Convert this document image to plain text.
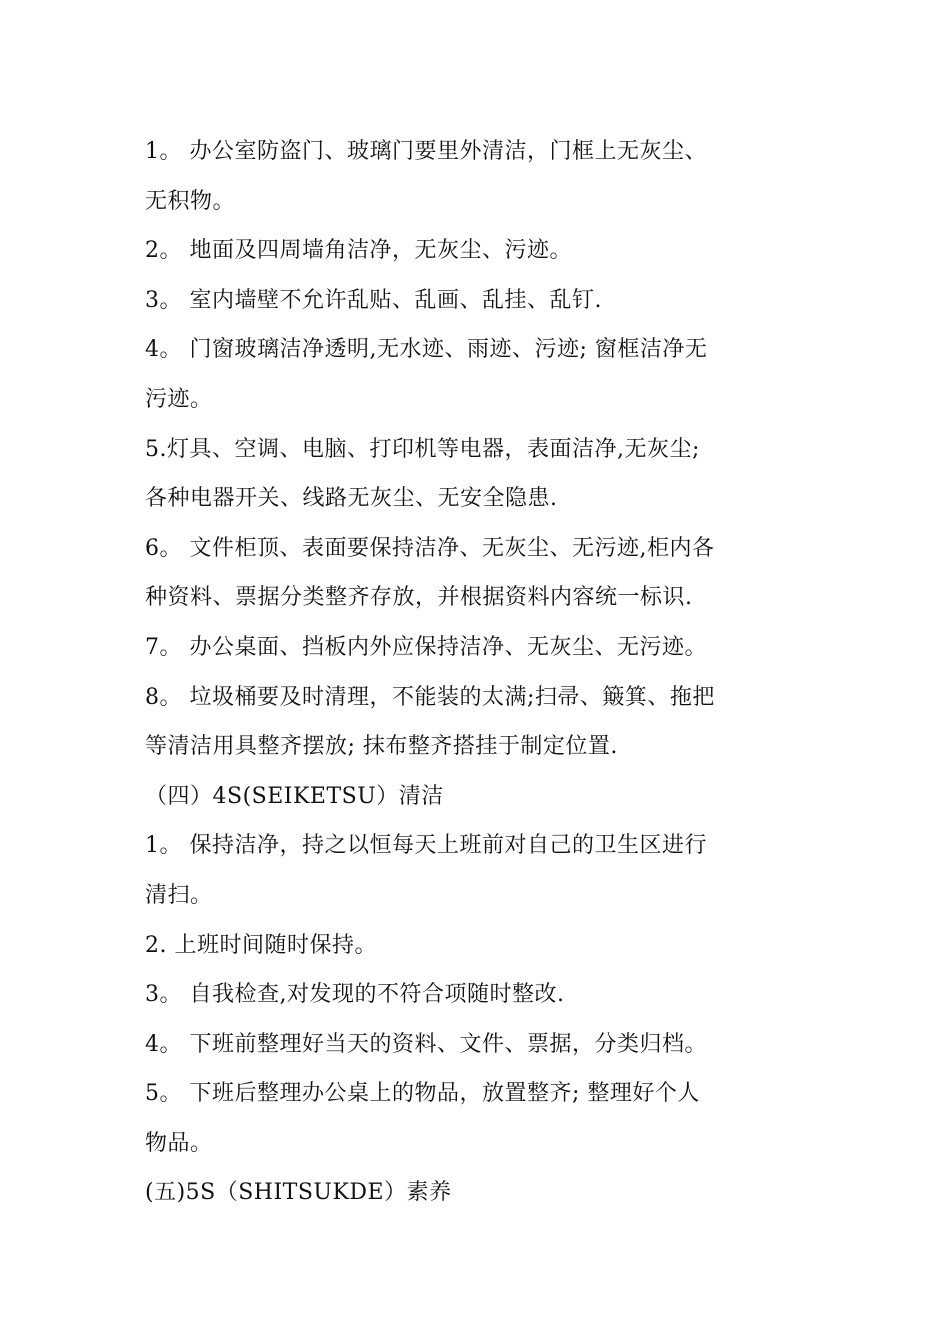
1。 办公室防盗门、玻璃门要里外清洁，门框上无灰尘、
无积物。
2。 地面及四周墙角洁净，无灰尘、污迹。
3。 室内墙壁不允许乱贴、乱画、乱挂、乱钉.
4。 门窗玻璃洁净透明,无水迹、雨迹、污迹; 窗框洁净无
污迹。
5.灯具、空调、电脑、打印机等电器，表面洁净,无灰尘;
各种电器开关、线路无灰尘、无安全隐患.
6。 文件柜顶、表面要保持洁净、无灰尘、无污迹,柜内各
种资料、票据分类整齐存放，并根据资料内容统一标识.
7。 办公桌面、挡板内外应保持洁净、无灰尘、无污迹。
8。 垃圾桶要及时清理，不能装的太满;扫帚、簸箕、拖把
等清洁用具整齐摆放; 抹布整齐搭挂于制定位置.
（四）4S(SEIKETSU）清洁
1。 保持洁净，持之以恒每天上班前对自己的卫生区进行
清扫。
2. 上班时间随时保持。
3。 自我检查,对发现的不符合项随时整改.
4。 下班前整理好当天的资料、文件、票据，分类归档。
5。 下班后整理办公桌上的物品，放置整齐; 整理好个人
物品。
(五)5S（SHITSUKDE）素养
